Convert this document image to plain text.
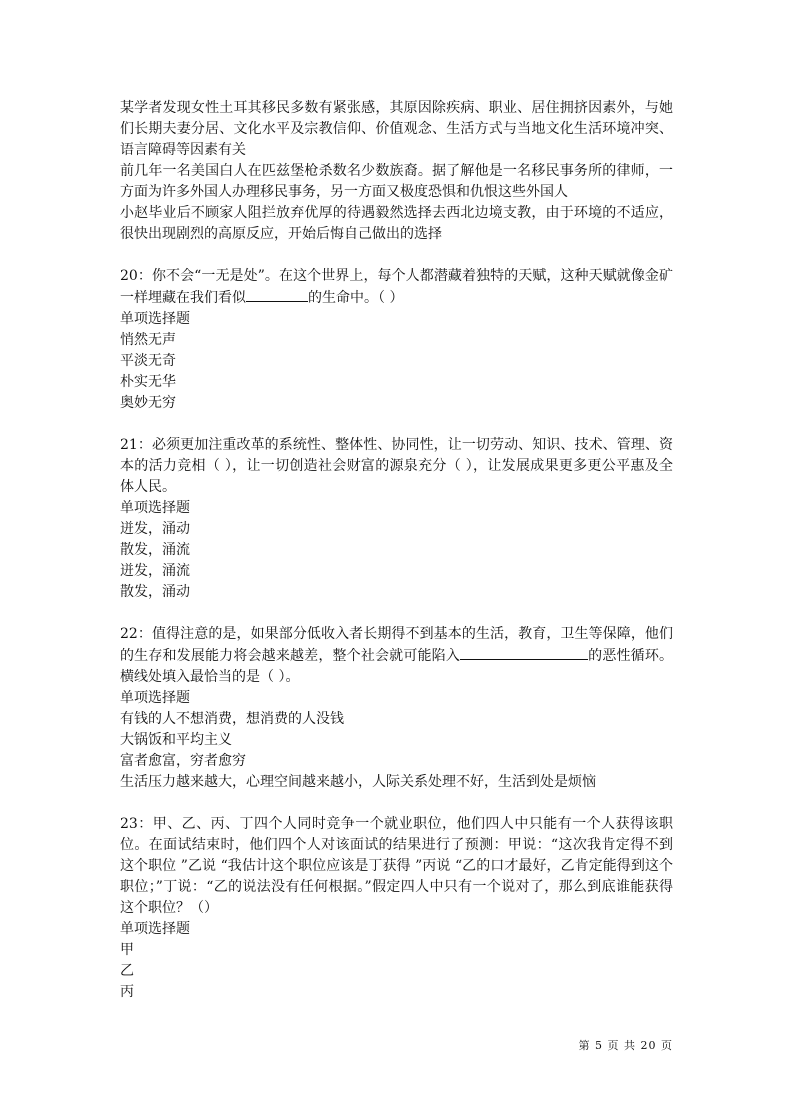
某学者发现女性土耳其移民多数有紧张感，其原因除疾病、职业、居住拥挤因素外，与她们长期夫妻分居、文化水平及宗教信仰、价值观念、生活方式与当地文化生活环境冲突、语言障碍等因素有关

前几年一名美国白人在匹兹堡枪杀数名少数族裔。据了解他是一名移民事务所的律师，一方面为许多外国人办理移民事务，另一方面又极度恐惧和仇恨这些外国人

小赵毕业后不顾家人阻拦放弃优厚的待遇毅然选择去西北边境支教，由于环境的不适应，很快出现剧烈的高原反应，开始后悔自己做出的选择

20：你不会“一无是处”。在这个世界上，每个人都潜藏着独特的天赋，这种天赋就像金矿一样埋藏在我们看似	的生命中。（ ）

单项选择题

悄然无声

平淡无奇

朴实无华

奥妙无穷

21：必须更加注重改革的系统性、整体性、协同性，让一切劳动、知识、技术、管理、资本的活力竞相（ ），让一切创造社会财富的源泉充分（ ），让发展成果更多更公平惠及全体人民。

单项选择题

迸发，涌动

散发，涌流

迸发，涌流

散发，涌动

22：值得注意的是，如果部分低收入者长期得不到基本的生活，教育，卫生等保障，他们的生存和发展能力将会越来越差，整个社会就可能陷入	的恶性循环。横线处填入最恰当的是（ ）。

单项选择题

有钱的人不想消费，想消费的人没钱

大锅饭和平均主义

富者愈富，穷者愈穷

生活压力越来越大，心理空间越来越小，人际关系处理不好，生活到处是烦恼

23：甲、乙、丙、丁四个人同时竞争一个就业职位，他们四人中只能有一个人获得该职位。在面试结束时，他们四个人对该面试的结果进行了预测：甲说：“这次我肯定得不到这个职位 ”乙说 “我估计这个职位应该是丁获得 ”丙说 “乙的口才最好，乙肯定能得到这个职位；”丁说：“乙的说法没有任何根据。”假定四人中只有一个说对了，那么到底谁能获得这个职位？（）

单项选择题

甲

乙

丙

第 5 页 共 20 页
